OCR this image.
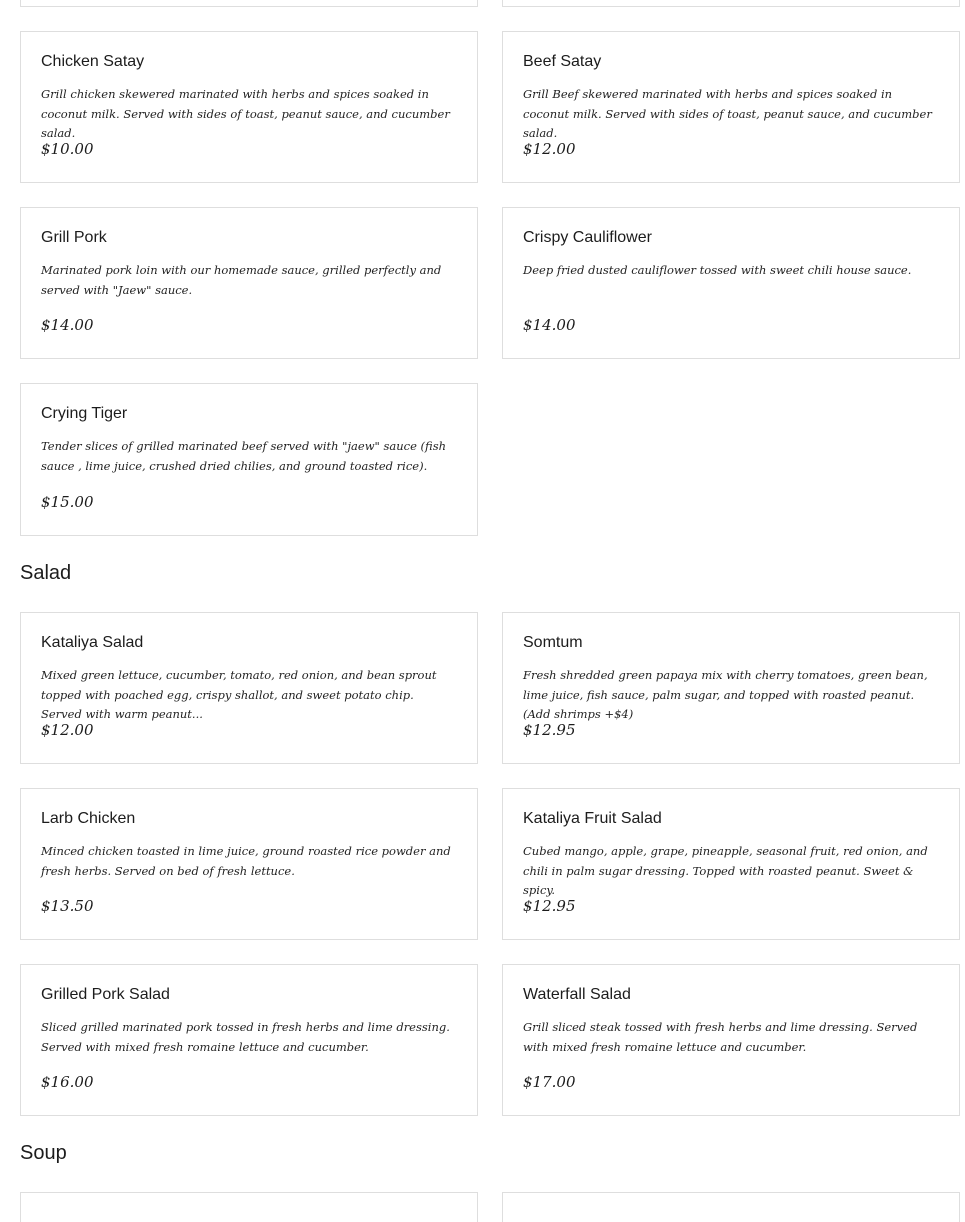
Chicken Satay
Grill chicken skewered marinated with herbs and spices soaked in coconut milk. Served with sides of toast, peanut sauce, and cucumber salad.
$10.00
Beef Satay
Grill Beef skewered marinated with herbs and spices soaked in coconut milk. Served with sides of toast, peanut sauce, and cucumber salad.
$12.00
Grill Pork
Marinated pork loin with our homemade sauce, grilled perfectly and served with "Jaew" sauce.
$14.00
Crispy Cauliflower
Deep fried dusted cauliflower tossed with sweet chili house sauce.
$14.00
Crying Tiger
Tender slices of grilled marinated beef served with "jaew" sauce (fish sauce , lime juice, crushed dried chilies, and ground toasted rice).
$15.00
Salad
Kataliya Salad
Mixed green lettuce, cucumber, tomato, red onion, and bean sprout topped with poached egg, crispy shallot, and sweet potato chip. Served with warm peanut...
$12.00
Somtum
Fresh shredded green papaya mix with cherry tomatoes, green bean, lime juice, fish sauce, palm sugar, and topped with roasted peanut. (Add shrimps +$4)
$12.95
Larb Chicken
Minced chicken toasted in lime juice, ground roasted rice powder and fresh herbs. Served on bed of fresh lettuce.
$13.50
Kataliya Fruit Salad
Cubed mango, apple, grape, pineapple, seasonal fruit, red onion, and chili in palm sugar dressing. Topped with roasted peanut. Sweet & spicy.
$12.95
Grilled Pork Salad
Sliced grilled marinated pork tossed in fresh herbs and lime dressing. Served with mixed fresh romaine lettuce and cucumber.
$16.00
Waterfall Salad
Grill sliced steak tossed with fresh herbs and lime dressing. Served with mixed fresh romaine lettuce and cucumber.
$17.00
Soup
